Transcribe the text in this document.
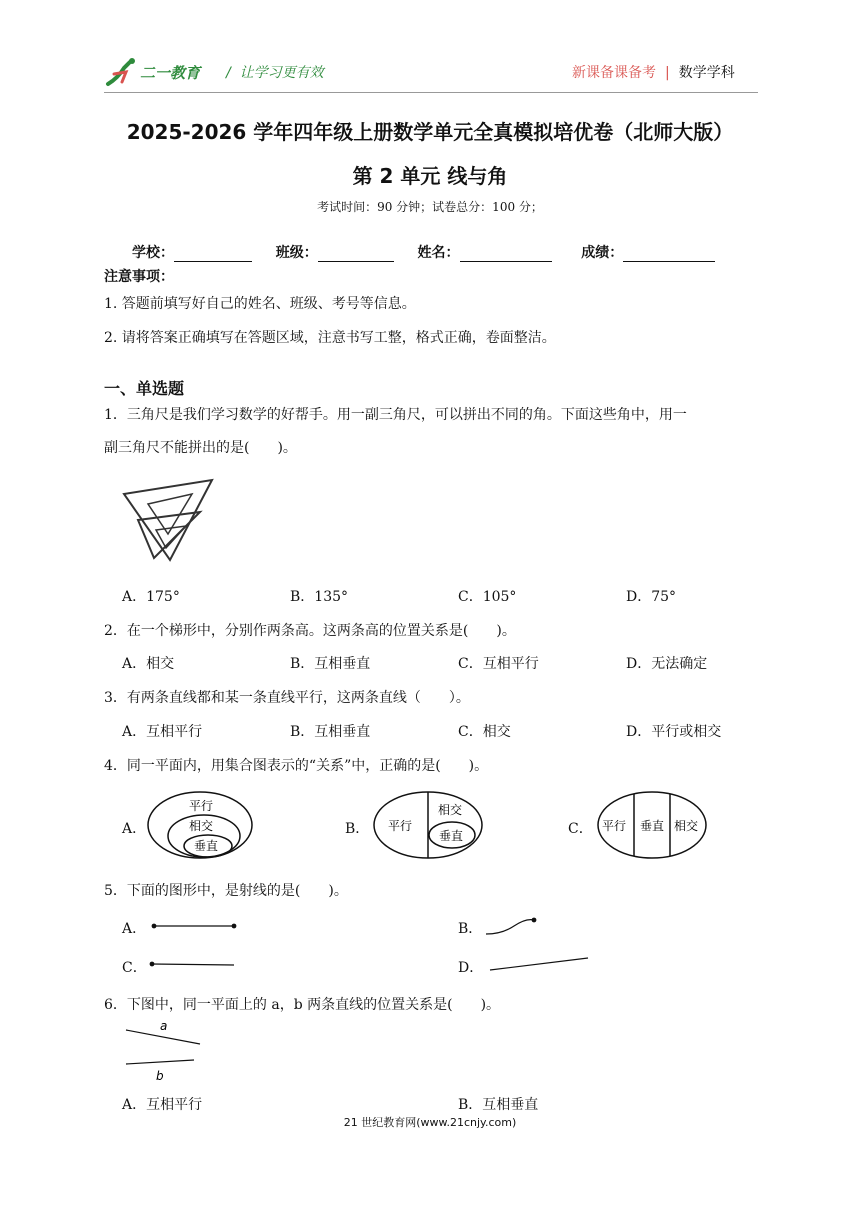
二一教育 / 让学习更有效	新课备课备考 | 数学学科
2025-2026 学年四年级上册数学单元全真模拟培优卷（北师大版）
第 2 单元 线与角
考试时间：90 分钟；试卷总分：100 分；
学校：	班级：	姓名：	成绩：
注意事项：
1. 答题前填写好自己的姓名、班级、考号等信息。
2. 请将答案正确填写在答题区域，注意书写工整，格式正确，卷面整洁。
一、单选题
1．三角尺是我们学习数学的好帮手。用一副三角尺，可以拼出不同的角。下面这些角中，用一
副三角尺不能拼出的是(　　)。
A．175°	B．135°	C．105°	D．75°
2．在一个梯形中，分别作两条高。这两条高的位置关系是(　　)。
A．相交	B．互相垂直	C．互相平行	D．无法确定
3．有两条直线都和某一条直线平行，这两条直线（　　）。
A．互相平行	B．互相垂直	C．相交	D．平行或相交
4．同一平面内，用集合图表示的“关系”中，正确的是(　　)。
A．
平行
相交
垂直
B． 平行
相交
垂直	C． 平行 垂直 相交
5．下面的图形中，是射线的是(　　)。
A．	B．
C．	D．
6．下图中，同一平面上的 a，b 两条直线的位置关系是(　　)。
a
b
A．互相平行	B．互相垂直
21 世纪教育网(www.21cnjy.com)
